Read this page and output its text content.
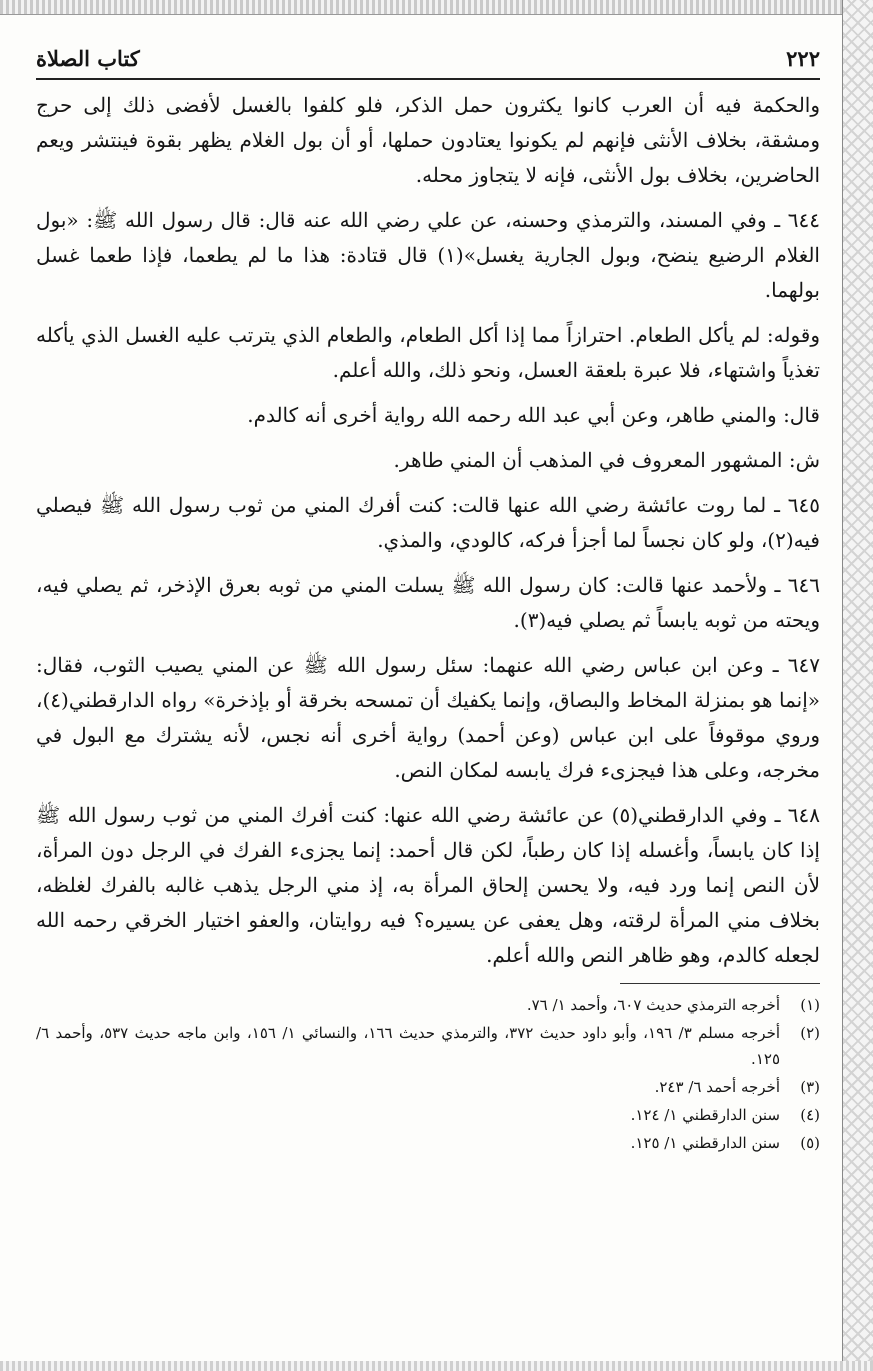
٢٢٢
كتاب الصلاة

والحكمة فيه أن العرب كانوا يكثرون حمل الذكر، فلو كلفوا بالغسل لأفضى ذلك إلى حرج ومشقة، بخلاف الأنثى فإنهم لم يكونوا يعتادون حملها، أو أن بول الغلام يظهر بقوة فينتشر ويعم الحاضرين، بخلاف بول الأنثى، فإنه لا يتجاوز محله.

٦٤٤ ـ وفي المسند، والترمذي وحسنه، عن علي رضي الله عنه قال: قال رسول الله ﷺ: «بول الغلام الرضيع ينضح، وبول الجارية يغسل»(١) قال قتادة: هذا ما لم يطعما، فإذا طعما غسل بولهما.

وقوله: لم يأكل الطعام. احترازاً مما إذا أكل الطعام، والطعام الذي يترتب عليه الغسل الذي يأكله تغذياً واشتهاء، فلا عبرة بلعقة العسل، ونحو ذلك، والله أعلم.

قال: والمني طاهر، وعن أبي عبد الله رحمه الله رواية أخرى أنه كالدم.

ش: المشهور المعروف في المذهب أن المني طاهر.

٦٤٥ ـ لما روت عائشة رضي الله عنها قالت: كنت أفرك المني من ثوب رسول الله ﷺ فيصلي فيه(٢)، ولو كان نجساً لما أجزأ فركه، كالودي، والمذي.

٦٤٦ ـ ولأحمد عنها قالت: كان رسول الله ﷺ يسلت المني من ثوبه بعرق الإذخر، ثم يصلي فيه، ويحته من ثوبه يابساً ثم يصلي فيه(٣).

٦٤٧ ـ وعن ابن عباس رضي الله عنهما: سئل رسول الله ﷺ عن المني يصيب الثوب، فقال: «إنما هو بمنزلة المخاط والبصاق، وإنما يكفيك أن تمسحه بخرقة أو بإذخرة» رواه الدارقطني(٤)، وروي موقوفاً على ابن عباس (وعن أحمد) رواية أخرى أنه نجس، لأنه يشترك مع البول في مخرجه، وعلى هذا فيجزىء فرك يابسه لمكان النص.

٦٤٨ ـ وفي الدارقطني(٥) عن عائشة رضي الله عنها: كنت أفرك المني من ثوب رسول الله ﷺ إذا كان يابساً، وأغسله إذا كان رطباً، لكن قال أحمد: إنما يجزىء الفرك في الرجل دون المرأة، لأن النص إنما ورد فيه، ولا يحسن إلحاق المرأة به، إذ مني الرجل يذهب غالبه بالفرك لغلظه، بخلاف مني المرأة لرقته، وهل يعفى عن يسيره؟ فيه روايتان، والعفو اختيار الخرقي رحمه الله لجعله كالدم، وهو ظاهر النص والله أعلم.

(١)
أخرجه الترمذي حديث ٦٠٧، وأحمد ١/ ٧٦.
(٢)
أخرجه مسلم ٣/ ١٩٦، وأبو داود حديث ٣٧٢، والترمذي حديث ١٦٦، والنسائي ١/ ١٥٦، وابن ماجه حديث ٥٣٧، وأحمد ٦/ ١٢٥.
(٣)
أخرجه أحمد ٦/ ٢٤٣.
(٤)
سنن الدارقطني ١/ ١٢٤.
(٥)
سنن الدارقطني ١/ ١٢٥.
